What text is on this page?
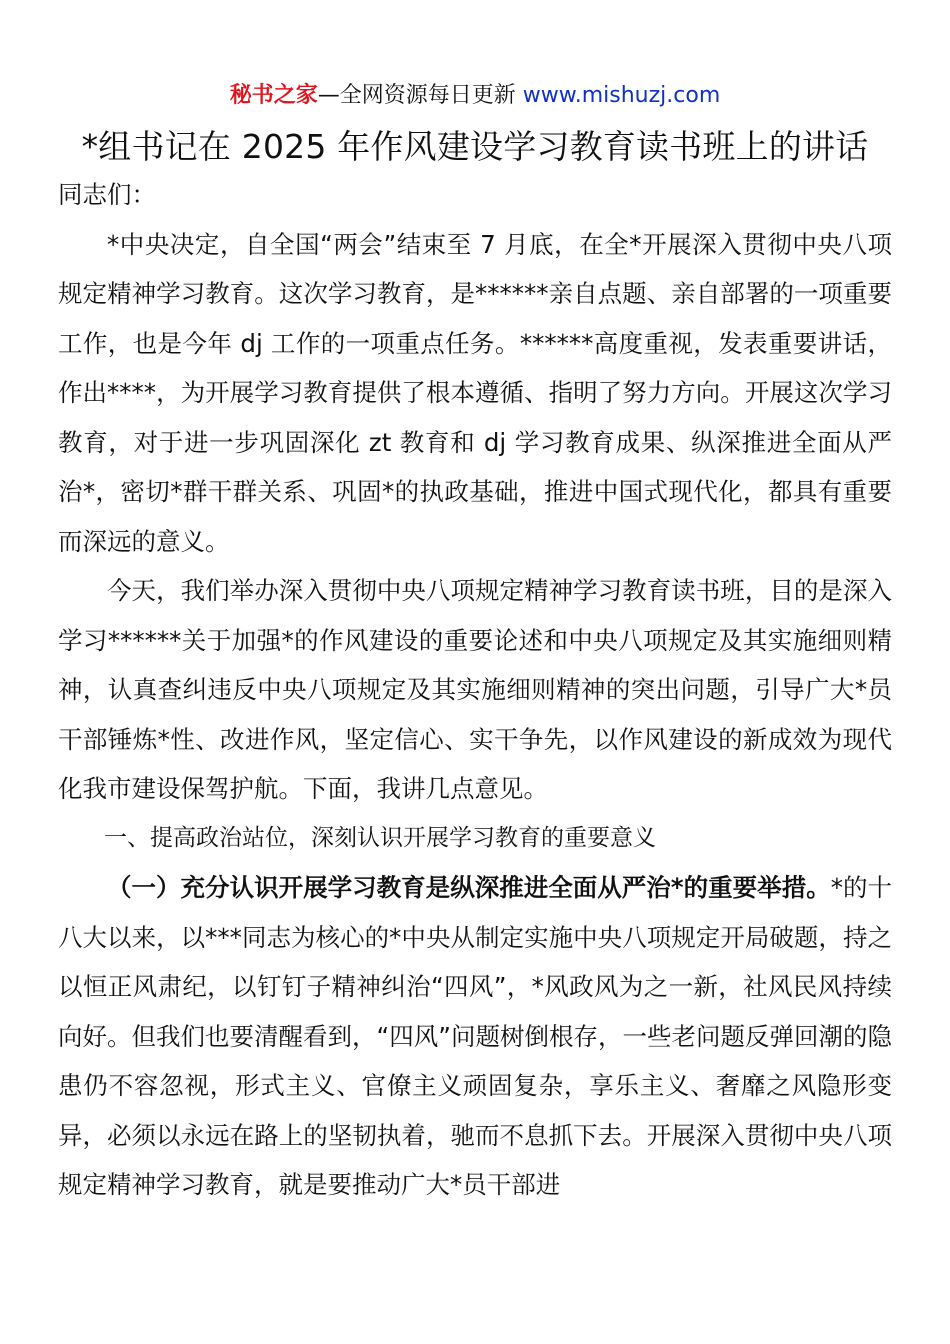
秘书之家—全网资源每日更新 www.mishuzj.com
*组书记在 2025 年作风建设学习教育读书班上的讲话

同志们：

*中央决定，自全国“两会”结束至 7 月底，在全*开展深入贯彻中央八项规定精神学习教育。这次学习教育，是******亲自点题、亲自部署的一项重要工作，也是今年 dj 工作的一项重点任务。******高度重视，发表重要讲话，作出****，为开展学习教育提供了根本遵循、指明了努力方向。开展这次学习教育，对于进一步巩固深化 zt 教育和 dj 学习教育成果、纵深推进全面从严治*，密切*群干群关系、巩固*的执政基础，推进中国式现代化，都具有重要而深远的意义。

今天，我们举办深入贯彻中央八项规定精神学习教育读书班，目的是深入学习******关于加强*的作风建设的重要论述和中央八项规定及其实施细则精神，认真查纠违反中央八项规定及其实施细则精神的突出问题，引导广大*员干部锤炼*性、改进作风，坚定信心、实干争先，以作风建设的新成效为现代化我市建设保驾护航。下面，我讲几点意见。

一、提高政治站位，深刻认识开展学习教育的重要意义

（一）充分认识开展学习教育是纵深推进全面从严治*的重要举措。*的十八大以来，以***同志为核心的*中央从制定实施中央八项规定开局破题，持之以恒正风肃纪，以钉钉子精神纠治“四风”，*风政风为之一新，社风民风持续向好。但我们也要清醒看到，“四风”问题树倒根存，一些老问题反弹回潮的隐患仍不容忽视，形式主义、官僚主义顽固复杂，享乐主义、奢靡之风隐形变异，必须以永远在路上的坚韧执着，驰而不息抓下去。开展深入贯彻中央八项规定精神学习教育，就是要推动广大*员干部进
